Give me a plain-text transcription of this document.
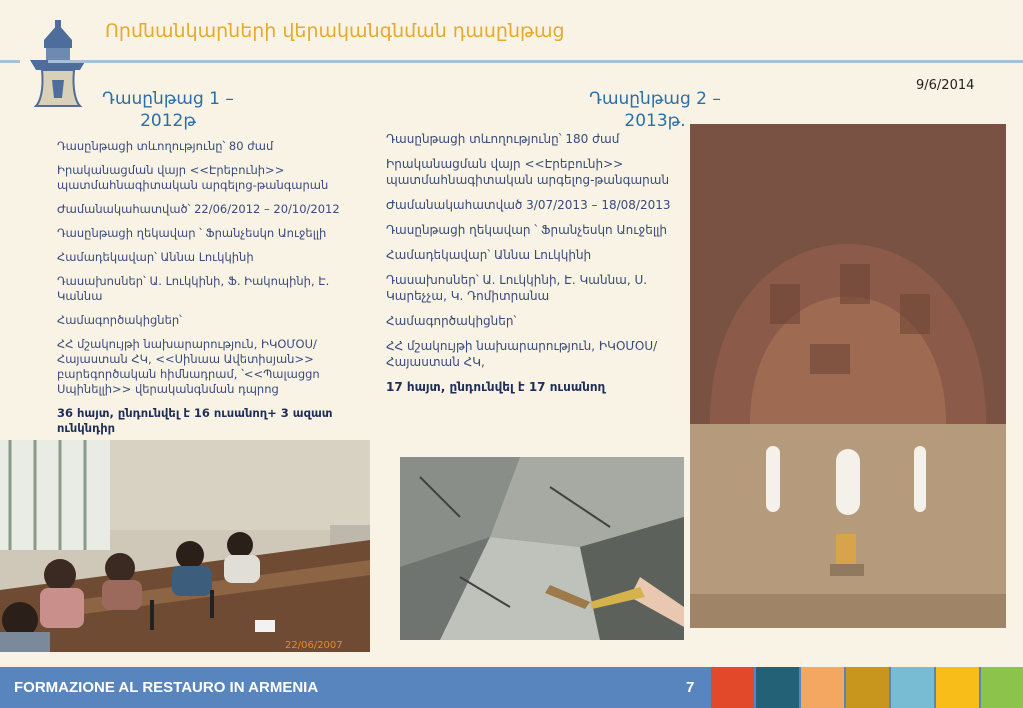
Որմնանկարների վերականգնման դասընթաց
9/6/2014
Դասընթաց 1 –
2012թ

Դասընթացի տևողությունը՝ 80 ժամ

Իրականացման վայր <<Էրեբունի>> պատմահնագիտական արգելոց-թանգարան

Ժամանակահատված՝ 22/06/2012 – 20/10/2012

Դասընթացի ղեկավար ՝ Ֆրանչեսկո Աուջելլի

Համադեկավար՝ Աննա Լուկկինի

Դասախոսներ՝ Ա. Լուկկինի, Ֆ. Իակոպինի, Է. Կաննա

Համագործակիցներ՝

ՀՀ մշակույթի նախարարություն, ԻԿՕՄՕՍ/Հայաստան ՀԿ, <<Սինաա Ավետիսյան>> բարեգործական հիմնադրամ, ՝<<Պալացցո Սպինելլի>> վերականգնման դպրոց

36 հայտ, ընդունվել է 16 ուսանող+ 3 ազատ ունկնդիր

Դասընթաց 2 –
2013թ.

Դասընթացի տևողությունը՝ 180 ժամ

Իրականացման վայր <<Էրեբունի>> պատմահնագիտական արգելոց-թանգարան

Ժամանակահատված 3/07/2013 – 18/08/2013

Դասընթացի ղեկավար ՝ Ֆրանչեսկո Աուջելլի

Համադեկավար՝ Աննա Լուկկինի

Դասախոսներ՝ Ա. Լուկկինի, Է. Կաննա, Ս. Կարեչչա, Կ. Դոմիտրանա

Համագործակիցներ՝

ՀՀ մշակույթի նախարարություն, ԻԿՕՄՕՍ/Հայաստան ՀԿ,

17 հայտ, ընդունվել է 17 ուսանող

22/06/2007
FORMAZIONE AL RESTAURO IN ARMENIA	7
